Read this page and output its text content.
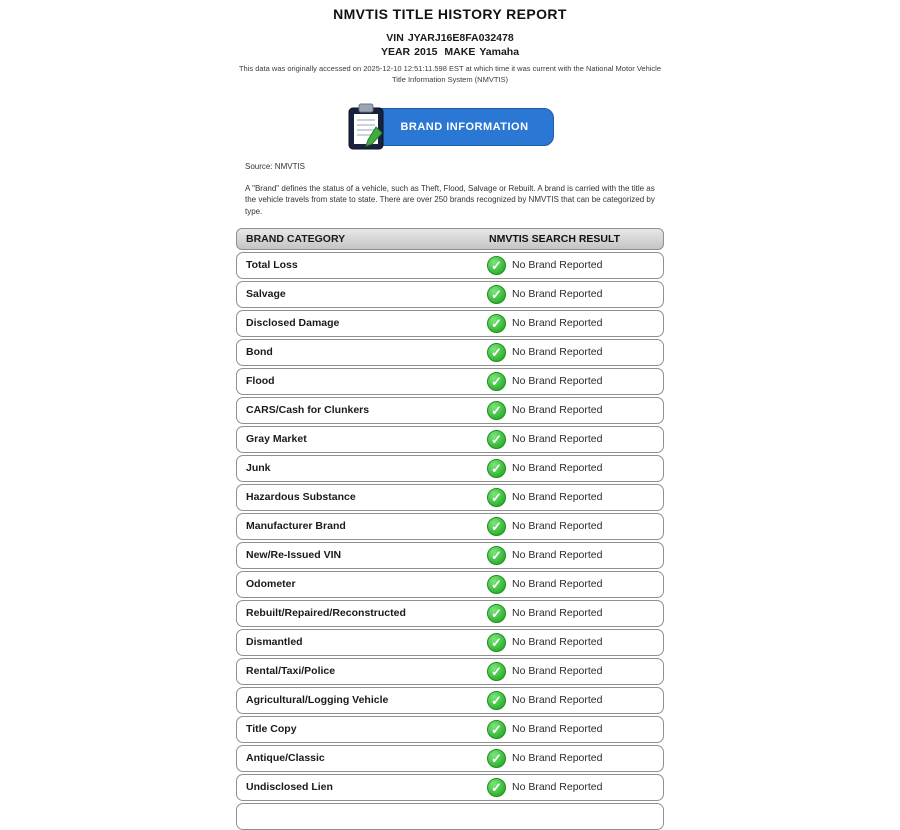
NMVTIS TITLE HISTORY REPORT
VIN JYARJ16E8FA032478
YEAR 2015 MAKE Yamaha

This data was originally accessed on 2025-12-10 12:51:11.598 EST at which time it was current with the National Motor Vehicle Title Information System (NMVTIS)

BRAND INFORMATION
Source: NMVTIS

A "Brand" defines the status of a vehicle, such as Theft, Flood, Salvage or Rebuilt. A brand is carried with the title as the vehicle travels from state to state. There are over 250 brands recognized by NMVTIS that can be categorized by type.

BRAND CATEGORY	NMVTIS SEARCH RESULT
Total Loss	✓ No Brand Reported
Salvage	✓ No Brand Reported
Disclosed Damage	✓ No Brand Reported
Bond	✓ No Brand Reported
Flood	✓ No Brand Reported
CARS/Cash for Clunkers	✓ No Brand Reported
Gray Market	✓ No Brand Reported
Junk	✓ No Brand Reported
Hazardous Substance	✓ No Brand Reported
Manufacturer Brand	✓ No Brand Reported
New/Re-Issued VIN	✓ No Brand Reported
Odometer	✓ No Brand Reported
Rebuilt/Repaired/Reconstructed	✓ No Brand Reported
Dismantled	✓ No Brand Reported
Rental/Taxi/Police	✓ No Brand Reported
Agricultural/Logging Vehicle	✓ No Brand Reported
Title Copy	✓ No Brand Reported
Antique/Classic	✓ No Brand Reported
Undisclosed Lien	✓ No Brand Reported
